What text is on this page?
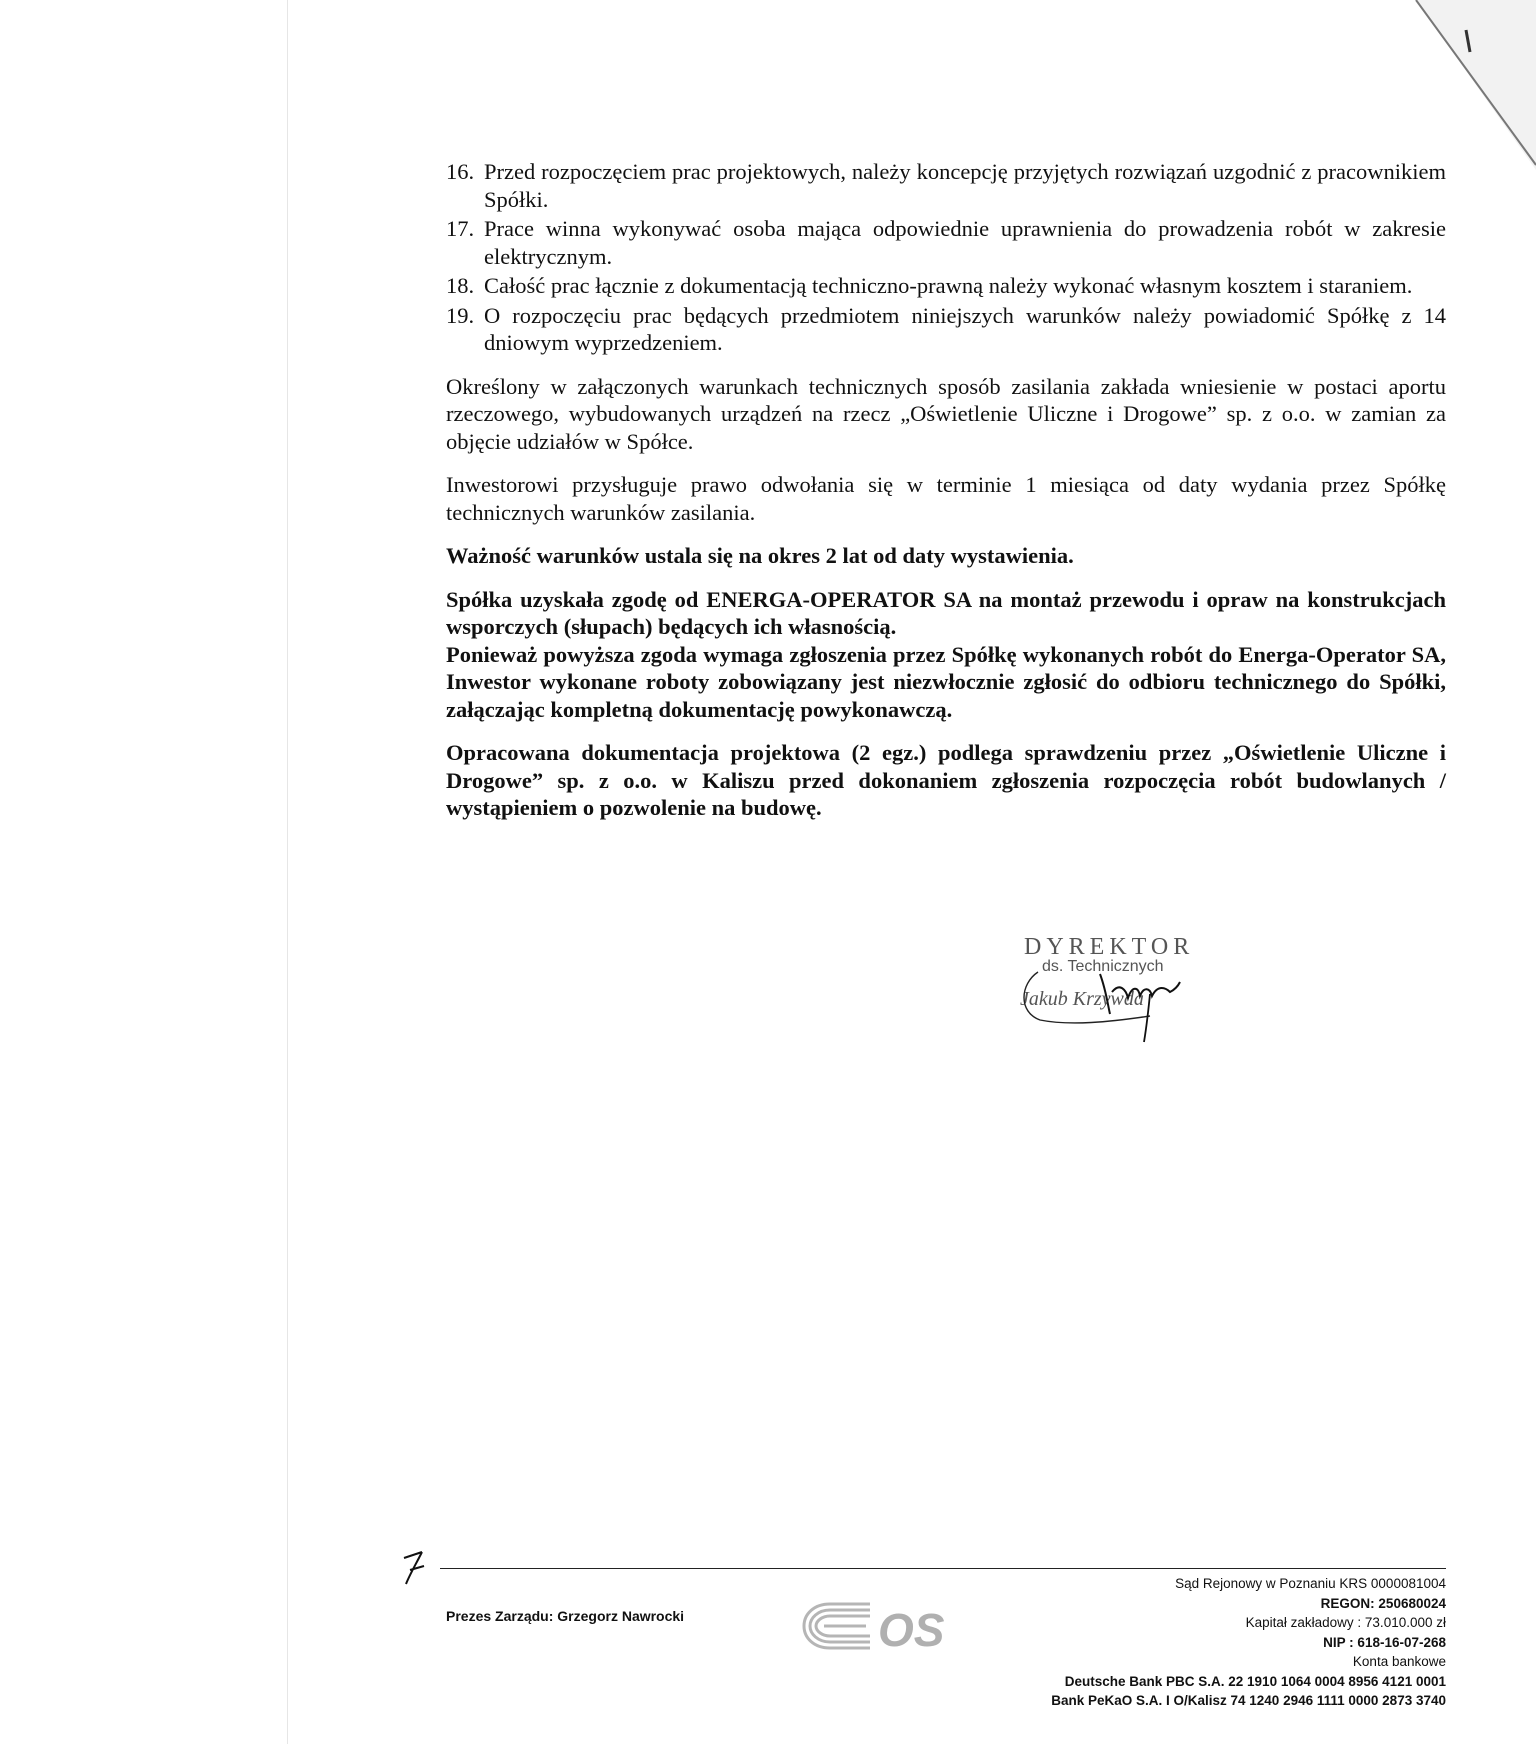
16. Przed rozpoczęciem prac projektowych, należy koncepcję przyjętych rozwiązań uzgodnić z pracownikiem Spółki.
17. Prace winna wykonywać osoba mająca odpowiednie uprawnienia do prowadzenia robót w zakresie elektrycznym.
18. Całość prac łącznie z dokumentacją techniczno-prawną należy wykonać własnym kosztem i staraniem.
19. O rozpoczęciu prac będących przedmiotem niniejszych warunków należy powiadomić Spółkę z 14 dniowym wyprzedzeniem.

Określony w załączonych warunkach technicznych sposób zasilania zakłada wniesienie w postaci aportu rzeczowego, wybudowanych urządzeń na rzecz „Oświetlenie Uliczne i Drogowe” sp. z o.o. w zamian za objęcie udziałów w Spółce.

Inwestorowi przysługuje prawo odwołania się w terminie 1 miesiąca od daty wydania przez Spółkę technicznych warunków zasilania.

Ważność warunków ustala się na okres 2 lat od daty wystawienia.

Spółka uzyskała zgodę od ENERGA-OPERATOR SA na montaż przewodu i opraw na konstrukcjach wsporczych (słupach) będących ich własnością.

Ponieważ powyższa zgoda wymaga zgłoszenia przez Spółkę wykonanych robót do Energa-Operator SA, Inwestor wykonane roboty zobowiązany jest niezwłocznie zgłosić do odbioru technicznego do Spółki, załączając kompletną dokumentację powykonawczą.

Opracowana dokumentacja projektowa (2 egz.) podlega sprawdzeniu przez „Oświetlenie Uliczne i Drogowe” sp. z o.o. w Kaliszu przed dokonaniem zgłoszenia rozpoczęcia robót budowlanych / wystąpieniem o pozwolenie na budowę.

DYREKTOR
ds. Technicznych
Jakub Krzywda
Prezes Zarządu: Grzegorz Nawrocki	OS
Sąd Rejonowy w Poznaniu KRS 0000081004
REGON: 250680024
Kapitał zakładowy : 73.010.000 zł
NIP : 618-16-07-268
Konta bankowe
Deutsche Bank PBC S.A. 22 1910 1064 0004 8956 4121 0001
Bank PeKaO S.A. I O/Kalisz 74 1240 2946 1111 0000 2873 3740
